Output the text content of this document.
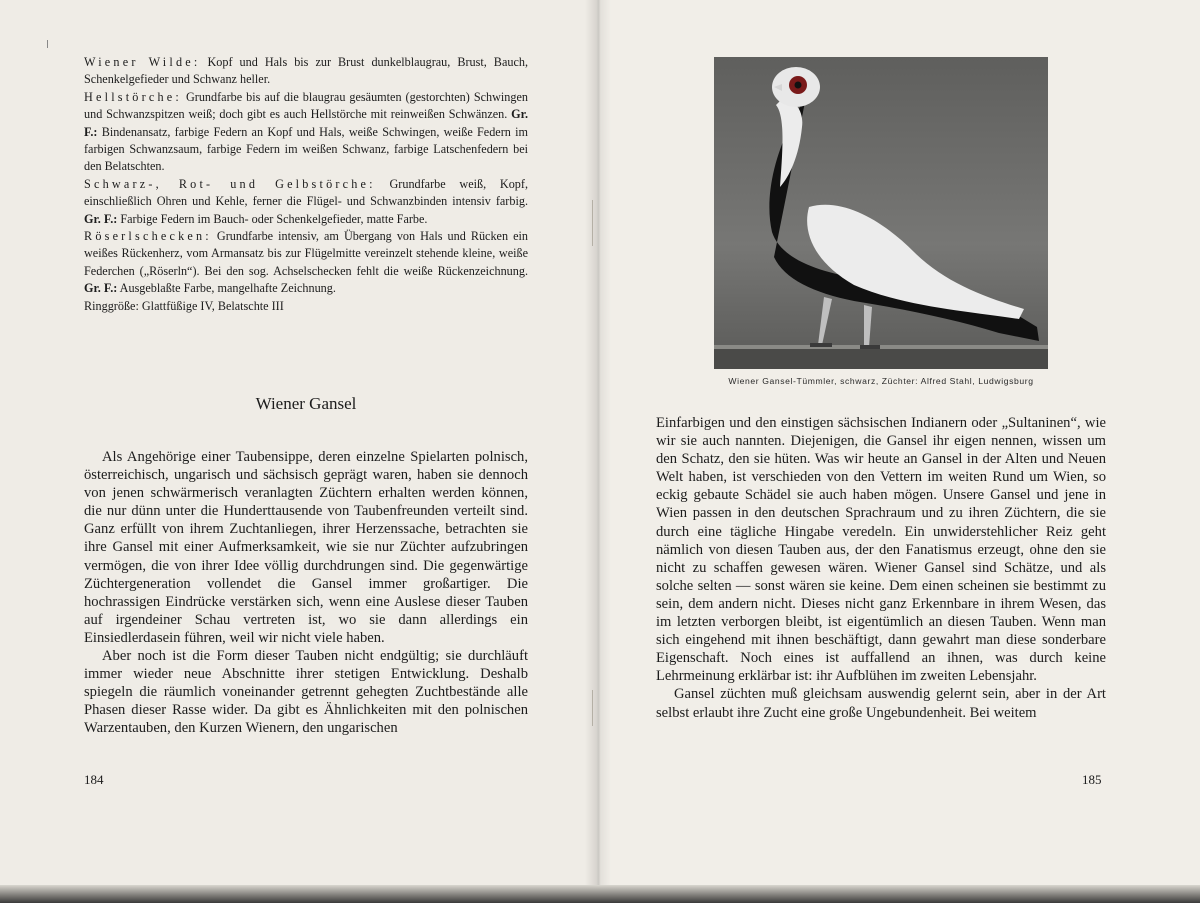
Wiener Wilde: Kopf und Hals bis zur Brust dunkelblaugrau, Brust, Bauch, Schenkelgefieder und Schwanz heller.

Hellstörche: Grundfarbe bis auf die blaugrau gesäumten (gestorchten) Schwingen und Schwanzspitzen weiß; doch gibt es auch Hellstörche mit reinweißen Schwänzen. Gr. F.: Bindenansatz, farbige Federn an Kopf und Hals, weiße Schwingen, weiße Federn im farbigen Schwanzsaum, farbige Federn im weißen Schwanz, farbige Latschenfedern bei den Belatschten.

Schwarz-, Rot- und Gelbstörche: Grundfarbe weiß, Kopf, einschließlich Ohren und Kehle, ferner die Flügel- und Schwanzbinden intensiv farbig. Gr. F.: Farbige Federn im Bauch- oder Schenkelgefieder, matte Farbe.

Röserlschecken: Grundfarbe intensiv, am Übergang von Hals und Rücken ein weißes Rückenherz, vom Armansatz bis zur Flügelmitte vereinzelt stehende kleine, weiße Federchen („Röserln“). Bei den sog. Achselschecken fehlt die weiße Rückenzeichnung. Gr. F.: Ausgeblaßte Farbe, mangelhafte Zeichnung.

Ringgröße: Glattfüßige IV, Belatschte III

Wiener Gansel

Als Angehörige einer Taubensippe, deren einzelne Spielarten polnisch, österreichisch, ungarisch und sächsisch geprägt waren, haben sie dennoch von jenen schwärmerisch veranlagten Züchtern erhalten werden können, die nur dünn unter die Hunderttausende von Taubenfreunden verteilt sind. Ganz erfüllt von ihrem Zuchtanliegen, ihrer Herzenssache, betrachten sie ihre Gansel mit einer Aufmerksamkeit, wie sie nur Züchter aufzubringen vermögen, die von ihrer Idee völlig durchdrungen sind. Die gegenwärtige Züchtergeneration vollendet die Gansel immer großartiger. Die hochrassigen Eindrücke verstärken sich, wenn eine Auslese dieser Tauben auf irgendeiner Schau vertreten ist, wo sie dann allerdings ein Einsiedlerdasein führen, weil wir nicht viele haben.

Aber noch ist die Form dieser Tauben nicht endgültig; sie durchläuft immer wieder neue Abschnitte ihrer stetigen Entwicklung. Deshalb spiegeln die räumlich voneinander getrennt gehegten Zuchtbestände alle Phasen dieser Rasse wider. Da gibt es Ähnlichkeiten mit den polnischen Warzentauben, den Kurzen Wienern, den ungarischen

184
Wiener Gansel-Tümmler, schwarz, Züchter: Alfred Stahl, Ludwigsburg

Einfarbigen und den einstigen sächsischen Indianern oder „Sultaninen“, wie wir sie auch nannten. Diejenigen, die Gansel ihr eigen nennen, wissen um den Schatz, den sie hüten. Was wir heute an Gansel in der Alten und Neuen Welt haben, ist verschieden von den Vettern im weiten Rund um Wien, so eckig gebaute Schädel sie auch haben mögen. Unsere Gansel und jene in Wien passen in den deutschen Sprachraum und zu ihren Züchtern, die sie durch eine tägliche Hingabe veredeln. Ein unwiderstehlicher Reiz geht nämlich von diesen Tauben aus, der den Fanatismus erzeugt, ohne den sie nicht zu schaffen gewesen wären. Wiener Gansel sind Schätze, und als solche selten — sonst wären sie keine. Dem einen scheinen sie bestimmt zu sein, dem andern nicht. Dieses nicht ganz Erkennbare in ihrem Wesen, das im letzten verborgen bleibt, ist eigentümlich an diesen Tauben. Wenn man sich eingehend mit ihnen beschäftigt, dann gewahrt man diese sonderbare Eigenschaft. Noch eines ist auffallend an ihnen, was durch keine Lehrmeinung erklärbar ist: ihr Aufblühen im zweiten Lebensjahr.

Gansel züchten muß gleichsam auswendig gelernt sein, aber in der Art selbst erlaubt ihre Zucht eine große Ungebundenheit. Bei weitem

185
